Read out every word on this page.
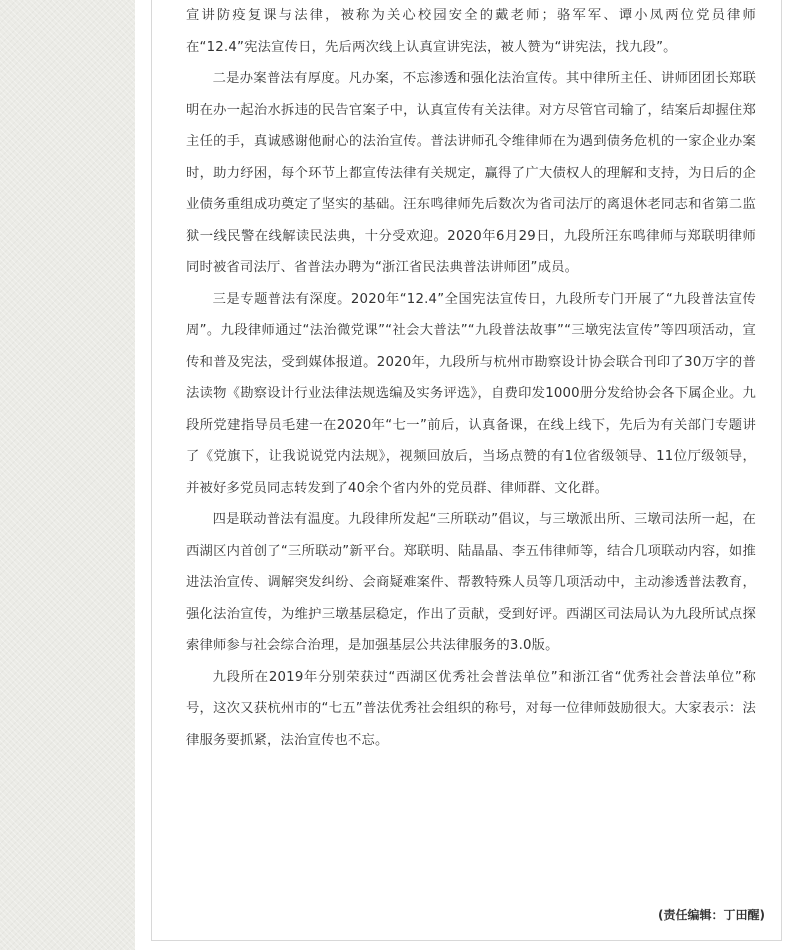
宣讲防疫复课与法律，被称为关心校园安全的戴老师；骆军军、谭小凤两位党员律师在“12.4”宪法宣传日，先后两次线上认真宣讲宪法，被人赞为“讲宪法，找九段”。

二是办案普法有厚度。凡办案，不忘渗透和强化法治宣传。其中律所主任、讲师团团长郑联明在办一起治水拆违的民告官案子中，认真宣传有关法律。对方尽管官司输了，结案后却握住郑主任的手，真诚感谢他耐心的法治宣传。普法讲师孔令维律师在为遇到债务危机的一家企业办案时，助力纾困，每个环节上都宣传法律有关规定，赢得了广大债权人的理解和支持，为日后的企业债务重组成功奠定了坚实的基础。汪东鸣律师先后数次为省司法厅的离退休老同志和省第二监狱一线民警在线解读民法典，十分受欢迎。2020年6月29日，九段所汪东鸣律师与郑联明律师同时被省司法厅、省普法办聘为“浙江省民法典普法讲师团”成员。

三是专题普法有深度。2020年“12.4”全国宪法宣传日，九段所专门开展了“九段普法宣传周”。九段律师通过“法治微党课”“社会大普法”“九段普法故事”“三墩宪法宣传”等四项活动，宣传和普及宪法，受到媒体报道。2020年，九段所与杭州市勘察设计协会联合刊印了30万字的普法读物《勘察设计行业法律法规选编及实务评选》，自费印发1000册分发给协会各下属企业。九段所党建指导员毛建一在2020年“七一”前后，认真备课，在线上线下，先后为有关部门专题讲了《党旗下，让我说说党内法规》，视频回放后，当场点赞的有1位省级领导、11位厅级领导，并被好多党员同志转发到了40余个省内外的党员群、律师群、文化群。

四是联动普法有温度。九段律所发起“三所联动”倡议，与三墩派出所、三墩司法所一起，在西湖区内首创了“三所联动”新平台。郑联明、陆晶晶、李五伟律师等，结合几项联动内容，如推进法治宣传、调解突发纠纷、会商疑难案件、帮教特殊人员等几项活动中，主动渗透普法教育，强化法治宣传，为维护三墩基层稳定，作出了贡献，受到好评。西湖区司法局认为九段所试点探索律师参与社会综合治理，是加强基层公共法律服务的3.0版。

九段所在2019年分别荣获过“西湖区优秀社会普法单位”和浙江省“优秀社会普法单位”称号，这次又获杭州市的“七五”普法优秀社会组织的称号，对每一位律师鼓励很大。大家表示：法律服务要抓紧，法治宣传也不忘。

(责任编辑：丁田醒)
